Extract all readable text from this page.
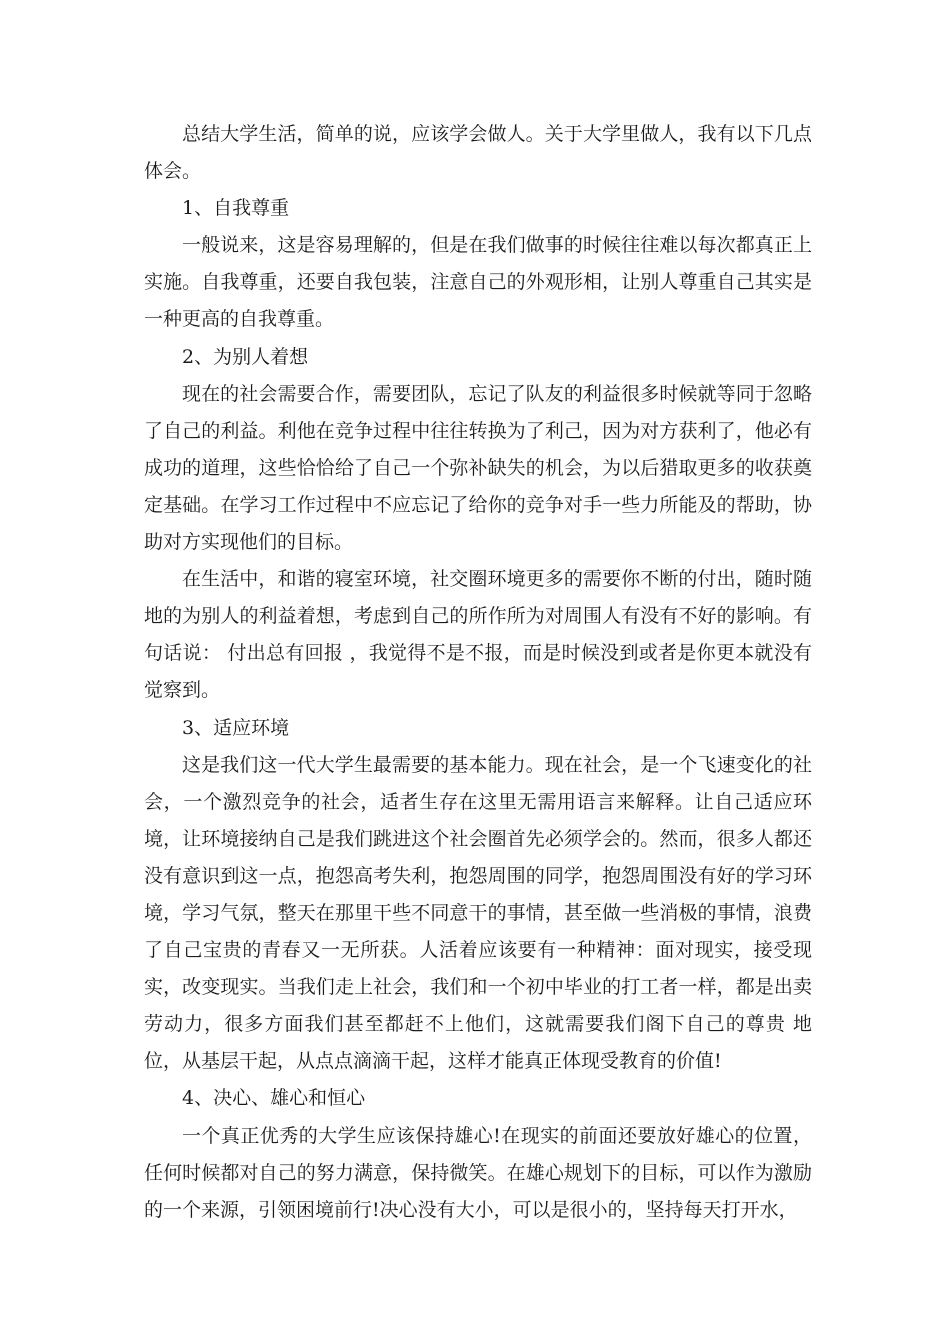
总结大学生活，简单的说，应该学会做人。关于大学里做人，我有以下几点体会。

1、自我尊重

一般说来，这是容易理解的，但是在我们做事的时候往往难以每次都真正上实施。自我尊重，还要自我包装，注意自己的外观形相，让别人尊重自己其实是一种更高的自我尊重。

2、为别人着想

现在的社会需要合作，需要团队，忘记了队友的利益很多时候就等同于忽略了自己的利益。利他在竞争过程中往往转换为了利己，因为对方获利了，他必有成功的道理，这些恰恰给了自己一个弥补缺失的机会，为以后猎取更多的收获奠定基础。在学习工作过程中不应忘记了给你的竞争对手一些力所能及的帮助，协助对方实现他们的目标。

在生活中，和谐的寝室环境，社交圈环境更多的需要你不断的付出，随时随地的为别人的利益着想，考虑到自己的所作所为对周围人有没有不好的影响。有句话说： 付出总有回报 ，我觉得不是不报，而是时候没到或者是你更本就没有觉察到。

3、适应环境

这是我们这一代大学生最需要的基本能力。现在社会，是一个飞速变化的社会，一个激烈竞争的社会，适者生存在这里无需用语言来解释。让自己适应环境，让环境接纳自己是我们跳进这个社会圈首先必须学会的。然而，很多人都还没有意识到这一点，抱怨高考失利，抱怨周围的同学，抱怨周围没有好的学习环境，学习气氛，整天在那里干些不同意干的事情，甚至做一些消极的事情，浪费了自己宝贵的青春又一无所获。人活着应该要有一种精神：面对现实，接受现实，改变现实。当我们走上社会，我们和一个初中毕业的打工者一样，都是出卖劳动力，很多方面我们甚至都赶不上他们，这就需要我们阁下自己的尊贵 地位，从基层干起，从点点滴滴干起，这样才能真正体现受教育的价值!

4、决心、雄心和恒心

一个真正优秀的大学生应该保持雄心!在现实的前面还要放好雄心的位置，任何时候都对自己的努力满意，保持微笑。在雄心规划下的目标，可以作为激励的一个来源，引领困境前行!决心没有大小，可以是很小的，坚持每天打开水，
